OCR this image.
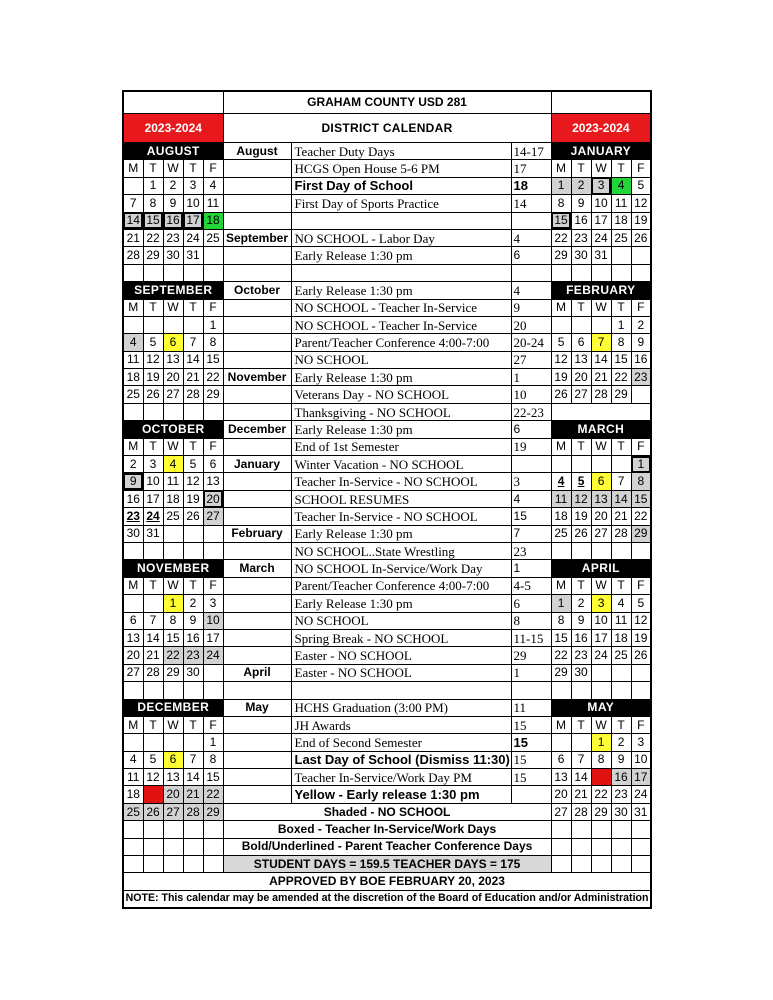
					GRAHAM COUNTY USD 281							
2023-2024					DISTRICT CALENDAR			2023-2024				
AUGUST					August	Teacher Duty Days	14-17	JANUARY				
M	T	W	T	F		HCGS Open House 5-6 PM	17	M	T	W	T	F
	1	2	3	4		First Day of School	18	1	2	3	4	5
7	8	9	10	11		First Day of Sports Practice	14	8	9	10	11	12
14	15	16	17	18				15	16	17	18	19
21	22	23	24	25	September	NO SCHOOL - Labor Day	4	22	23	24	25	26
28	29	30	31			Early Release 1:30 pm	6	29	30	31		

SEPTEMBER					October	Early Release 1:30 pm	4	FEBRUARY				
M	T	W	T	F		NO SCHOOL - Teacher In-Service	9	M	T	W	T	F
				1		NO SCHOOL - Teacher In-Service	20				1	2
4	5	6	7	8		Parent/Teacher Conference 4:00-7:00	20-24	5	6	7	8	9
11	12	13	14	15		NO SCHOOL	27	12	13	14	15	16
18	19	20	21	22	November	Early Release 1:30 pm	1	19	20	21	22	23
25	26	27	28	29		Veterans Day - NO SCHOOL	10	26	27	28	29	
						Thanksgiving - NO SCHOOL	22-23					
OCTOBER					December	Early Release 1:30 pm	6	MARCH				
M	T	W	T	F		End of 1st Semester	19	M	T	W	T	F
2	3	4	5	6	January	Winter Vacation - NO SCHOOL						1
9	10	11	12	13		Teacher In-Service - NO SCHOOL	3	4	5	6	7	8
16	17	18	19	20		SCHOOL RESUMES	4	11	12	13	14	15
23	24	25	26	27		Teacher In-Service - NO SCHOOL	15	18	19	20	21	22
30	31				February	Early Release 1:30 pm	7	25	26	27	28	29
						NO SCHOOL..State Wrestling	23					
NOVEMBER					March	NO SCHOOL In-Service/Work Day	1	APRIL				
M	T	W	T	F		Parent/Teacher Conference 4:00-7:00	4-5	M	T	W	T	F
		1	2	3		Early Release 1:30 pm	6	1	2	3	4	5
6	7	8	9	10		NO SCHOOL	8	8	9	10	11	12
13	14	15	16	17		Spring Break - NO SCHOOL	11-15	15	16	17	18	19
20	21	22	23	24		Easter - NO SCHOOL	29	22	23	24	25	26
27	28	29	30		April	Easter - NO SCHOOL	1	29	30			

DECEMBER					May	HCHS Graduation (3:00 PM)	11	MAY				
M	T	W	T	F		JH Awards	15	M	T	W	T	F
				1		End of Second Semester	15			1	2	3
4	5	6	7	8		Last Day of School (Dismiss 11:30)	15	6	7	8	9	10
11	12	13	14	15		Teacher In-Service/Work Day PM	15	13	14	15	16	17
18	19	20	21	22		Yellow - Early release 1:30 pm		20	21	22	23	24
25	26	27	28	29	Shaded - NO SCHOOL			27	28	29	30	31
					Boxed - Teacher In-Service/Work Days							
					Bold/Underlined - Parent Teacher Conference Days							
					STUDENT DAYS = 159.5 TEACHER DAYS = 175							
APPROVED BY BOE FEBRUARY 20, 2023												
NOTE: This calendar may be amended at the discretion of the Board of Education and/or Administration												
